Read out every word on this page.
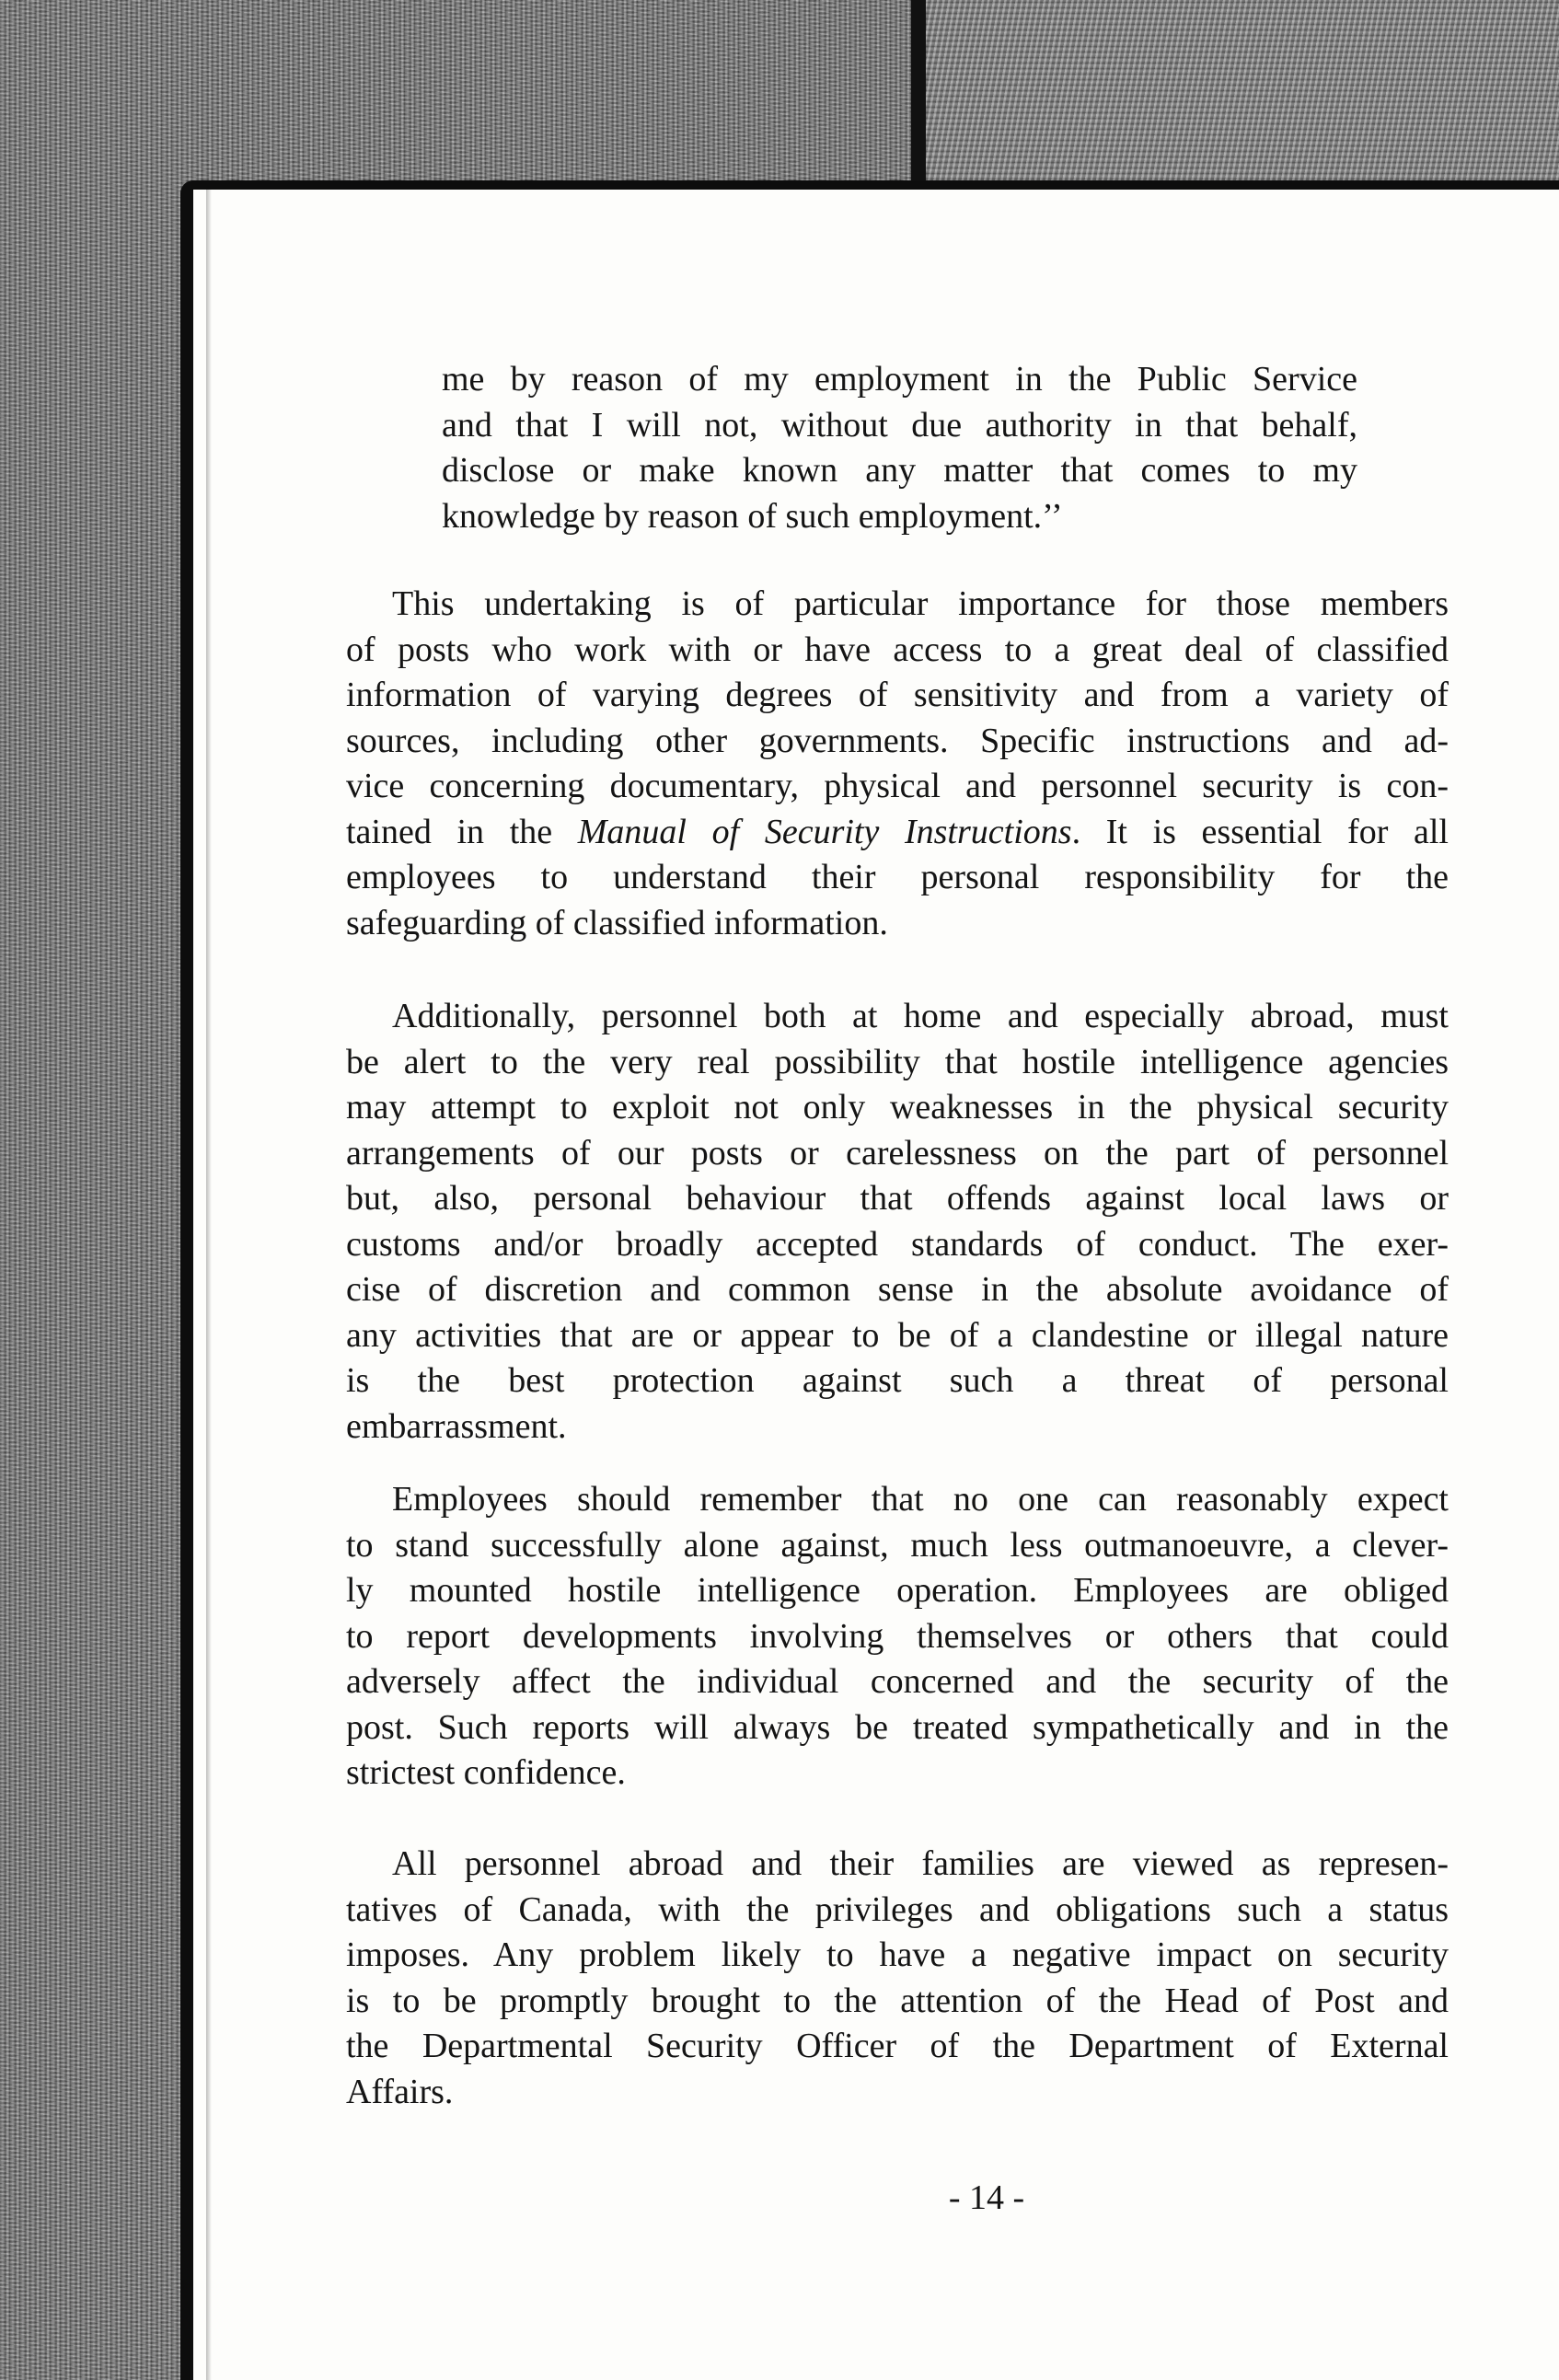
me by reason of my employment in the Public Service
and that I will not, without due authority in that behalf,
disclose or make known any matter that comes to my
knowledge by reason of such employment.’’

This undertaking is of particular importance for those members
of posts who work with or have access to a great deal of classified
information of varying degrees of sensitivity and from a variety of
sources, including other governments. Specific instructions and ad-
vice concerning documentary, physical and personnel security is con-
tained in the Manual of Security Instructions. It is essential for all
employees to understand their personal responsibility for the
safeguarding of classified information.

Additionally, personnel both at home and especially abroad, must
be alert to the very real possibility that hostile intelligence agencies
may attempt to exploit not only weaknesses in the physical security
arrangements of our posts or carelessness on the part of personnel
but, also, personal behaviour that offends against local laws or
customs and/or broadly accepted standards of conduct. The exer-
cise of discretion and common sense in the absolute avoidance of
any activities that are or appear to be of a clandestine or illegal nature
is the best protection against such a threat of personal
embarrassment.

Employees should remember that no one can reasonably expect
to stand successfully alone against, much less outmanoeuvre, a clever-
ly mounted hostile intelligence operation. Employees are obliged
to report developments involving themselves or others that could
adversely affect the individual concerned and the security of the
post. Such reports will always be treated sympathetically and in the
strictest confidence.

All personnel abroad and their families are viewed as represen-
tatives of Canada, with the privileges and obligations such a status
imposes. Any problem likely to have a negative impact on security
is to be promptly brought to the attention of the Head of Post and
the Departmental Security Officer of the Department of External
Affairs.

- 14 -
